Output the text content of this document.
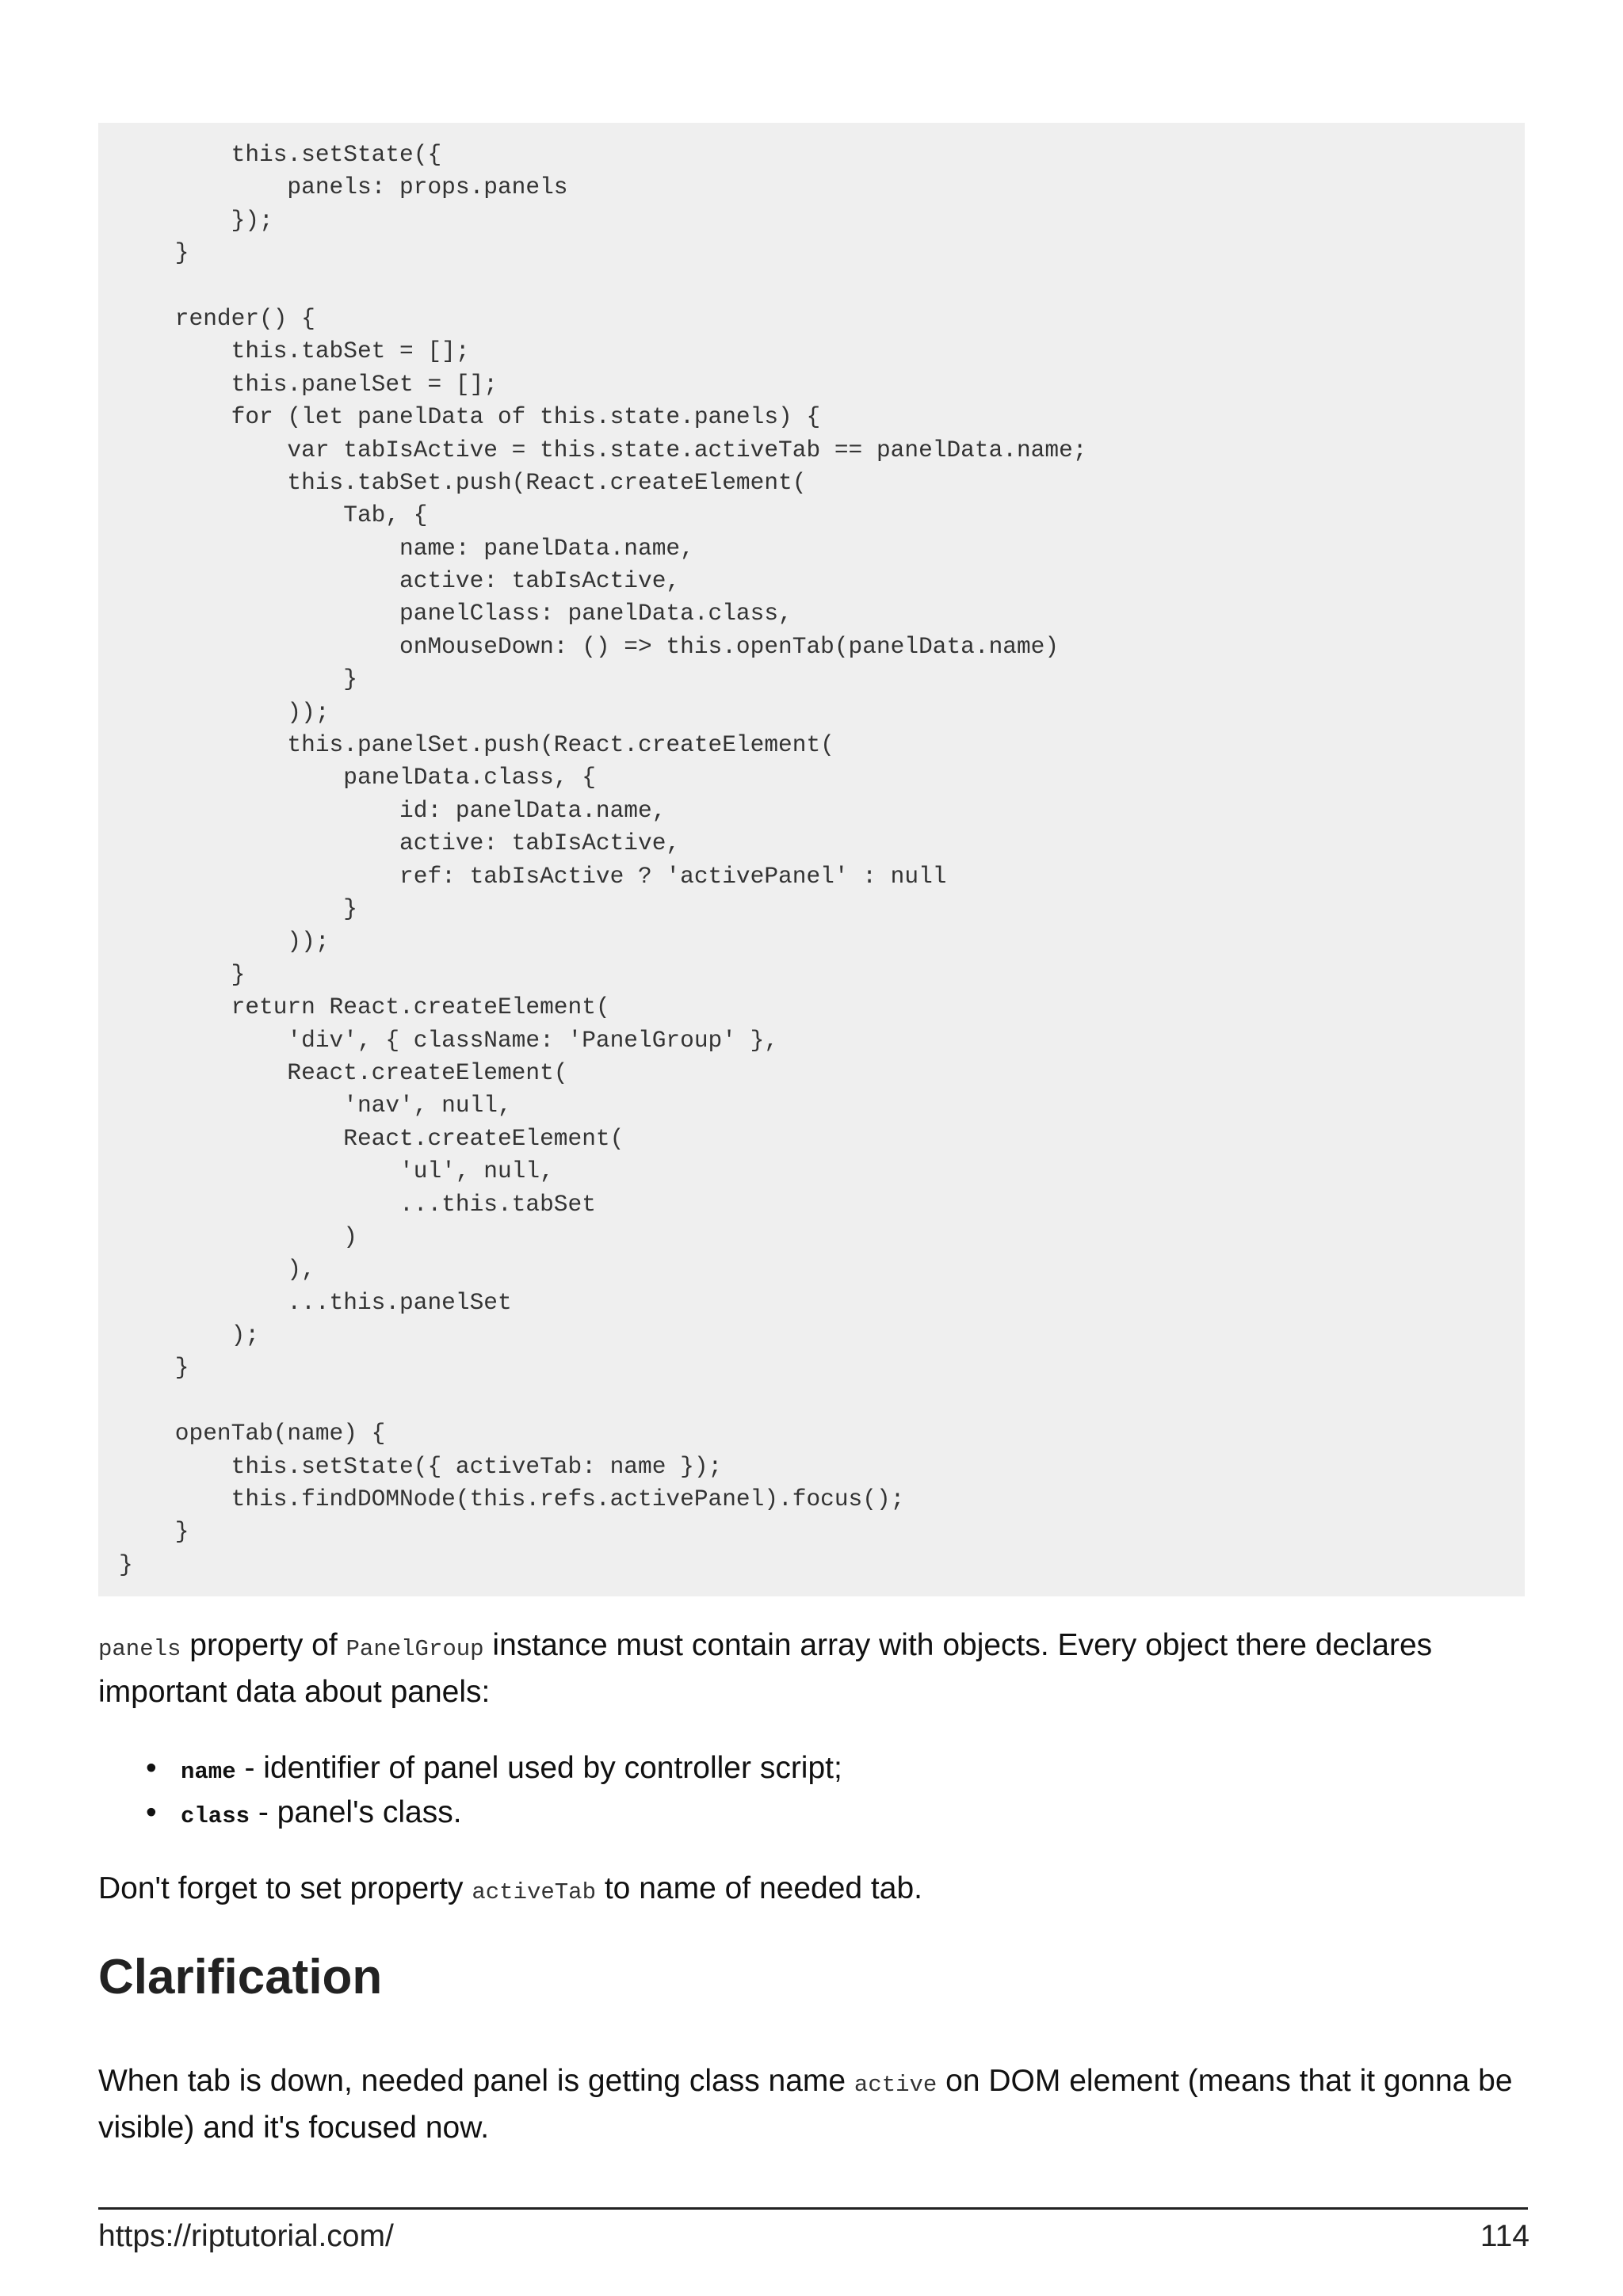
this.setState({
panels: props.panels
});
}
render() {
this.tabSet = [];
this.panelSet = [];
for (let panelData of this.state.panels) {
var tabIsActive = this.state.activeTab == panelData.name;
this.tabSet.push(React.createElement(
Tab, {
name: panelData.name,
active: tabIsActive,
panelClass: panelData.class,
onMouseDown: () => this.openTab(panelData.name)
}
));
this.panelSet.push(React.createElement(
panelData.class, {
id: panelData.name,
active: tabIsActive,
ref: tabIsActive ? 'activePanel' : null
}
));
}
return React.createElement(
'div', { className: 'PanelGroup' },
React.createElement(
'nav', null,
React.createElement(
'ul', null,
...this.tabSet
)
),
...this.panelSet
);
}
openTab(name) {
this.setState({ activeTab: name });
this.findDOMNode(this.refs.activePanel).focus();
}
}

panels property of PanelGroup instance must contain array with objects. Every object there declares important data about panels:

• name - identifier of panel used by controller script;
• class - panel's class.

Don't forget to set property activeTab to name of needed tab.

Clarification

When tab is down, needed panel is getting class name active on DOM element (means that it gonna be visible) and it's focused now.

https://riptutorial.com/	114
